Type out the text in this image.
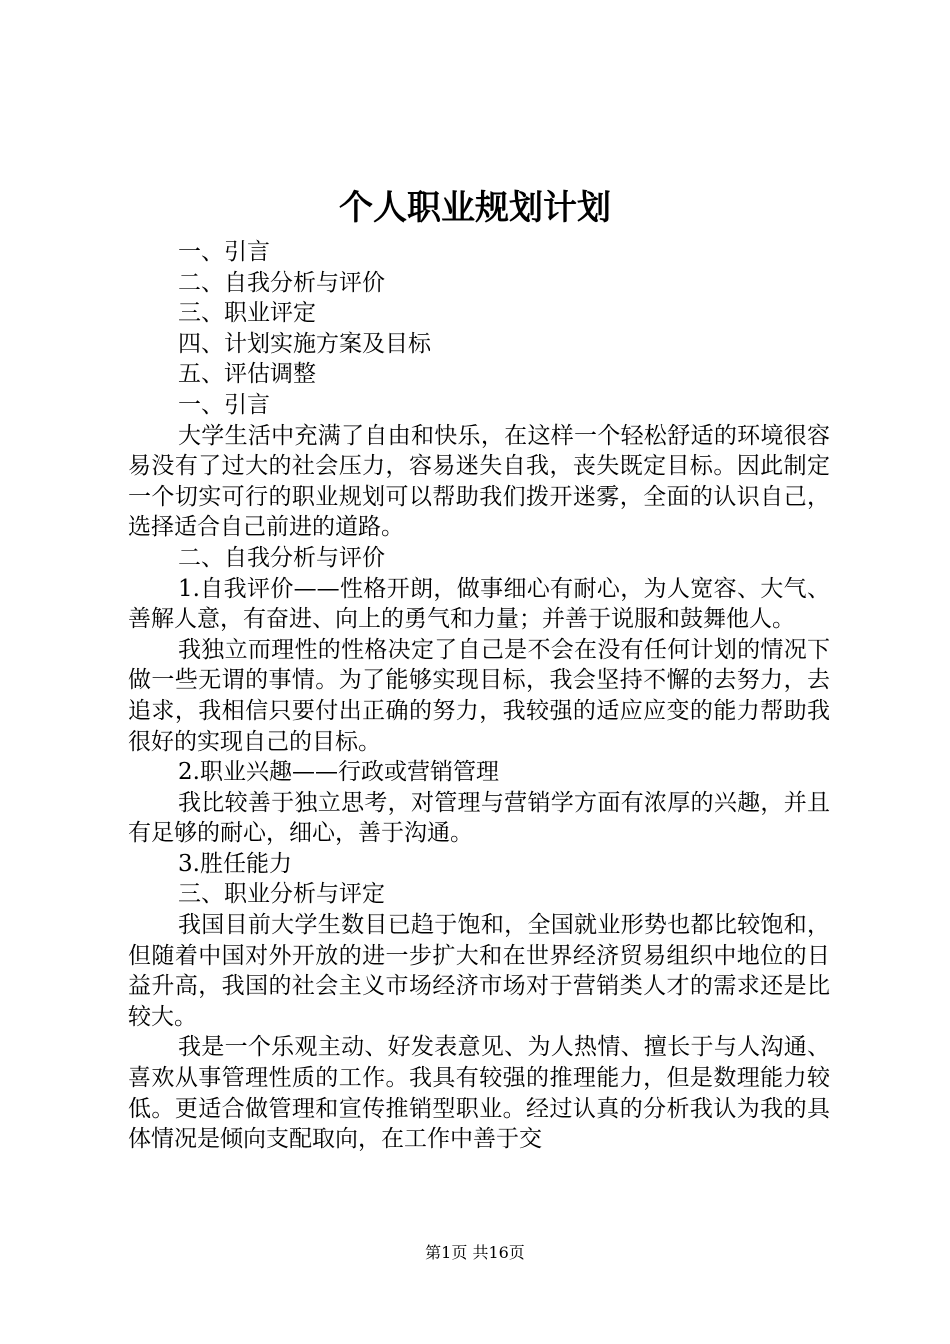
个人职业规划计划

一、引言

二、自我分析与评价

三、职业评定

四、计划实施方案及目标

五、评估调整

一、引言

大学生活中充满了自由和快乐，在这样一个轻松舒适的环境很容易没有了过大的社会压力，容易迷失自我，丧失既定目标。因此制定一个切实可行的职业规划可以帮助我们拨开迷雾，全面的认识自己，选择适合自己前进的道路。

二、自我分析与评价

1.自我评价——性格开朗，做事细心有耐心，为人宽容、大气、善解人意，有奋进、向上的勇气和力量；并善于说服和鼓舞他人。

我独立而理性的性格决定了自己是不会在没有任何计划的情况下做一些无谓的事情。为了能够实现目标，我会坚持不懈的去努力，去追求，我相信只要付出正确的努力，我较强的适应应变的能力帮助我很好的实现自己的目标。

2.职业兴趣——行政或营销管理

我比较善于独立思考，对管理与营销学方面有浓厚的兴趣，并且有足够的耐心，细心，善于沟通。

3.胜任能力

三、职业分析与评定

我国目前大学生数目已趋于饱和，全国就业形势也都比较饱和，但随着中国对外开放的进一步扩大和在世界经济贸易组织中地位的日益升高，我国的社会主义市场经济市场对于营销类人才的需求还是比较大。

我是一个乐观主动、好发表意见、为人热情、擅长于与人沟通、喜欢从事管理性质的工作。我具有较强的推理能力，但是数理能力较低。更适合做管理和宣传推销型职业。经过认真的分析我认为我的具体情况是倾向支配取向，在工作中善于交

第1页 共16页
